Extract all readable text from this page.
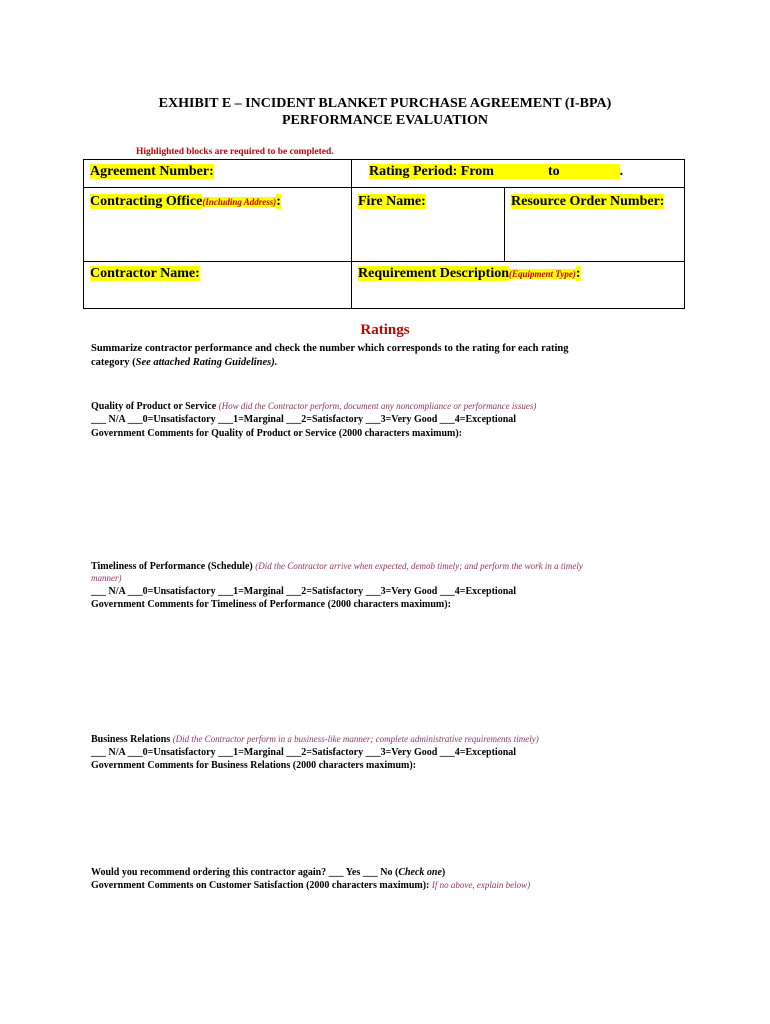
EXHIBIT E – INCIDENT BLANKET PURCHASE AGREEMENT (I-BPA)
PERFORMANCE EVALUATION
Highlighted blocks are required to be completed.
Agreement Number:	Rating Period: From	to	.
Contracting Office(Including Address):	Fire Name:	Resource Order Number:
Contractor Name:	Requirement Description(Equipment Type):
Ratings
Summarize contractor performance and check the number which corresponds to the rating for each rating
category (See attached Rating Guidelines).
Quality of Product or Service (How did the Contractor perform, document any noncompliance or performance issues)
___ N/A ___0=Unsatisfactory ___1=Marginal ___2=Satisfactory ___3=Very Good ___4=Exceptional
Government Comments for Quality of Product or Service (2000 characters maximum):
Timeliness of Performance (Schedule) (Did the Contractor arrive when expected, demob timely; and perform the work in a timely
manner)
___ N/A ___0=Unsatisfactory ___1=Marginal ___2=Satisfactory ___3=Very Good ___4=Exceptional
Government Comments for Timeliness of Performance (2000 characters maximum):
Business Relations (Did the Contractor perform in a business-like manner; complete administrative requirements timely)
___ N/A ___0=Unsatisfactory ___1=Marginal ___2=Satisfactory ___3=Very Good ___4=Exceptional
Government Comments for Business Relations (2000 characters maximum):
Would you recommend ordering this contractor again? ___ Yes ___ No (Check one)
Government Comments on Customer Satisfaction (2000 characters maximum): If no above, explain below)
